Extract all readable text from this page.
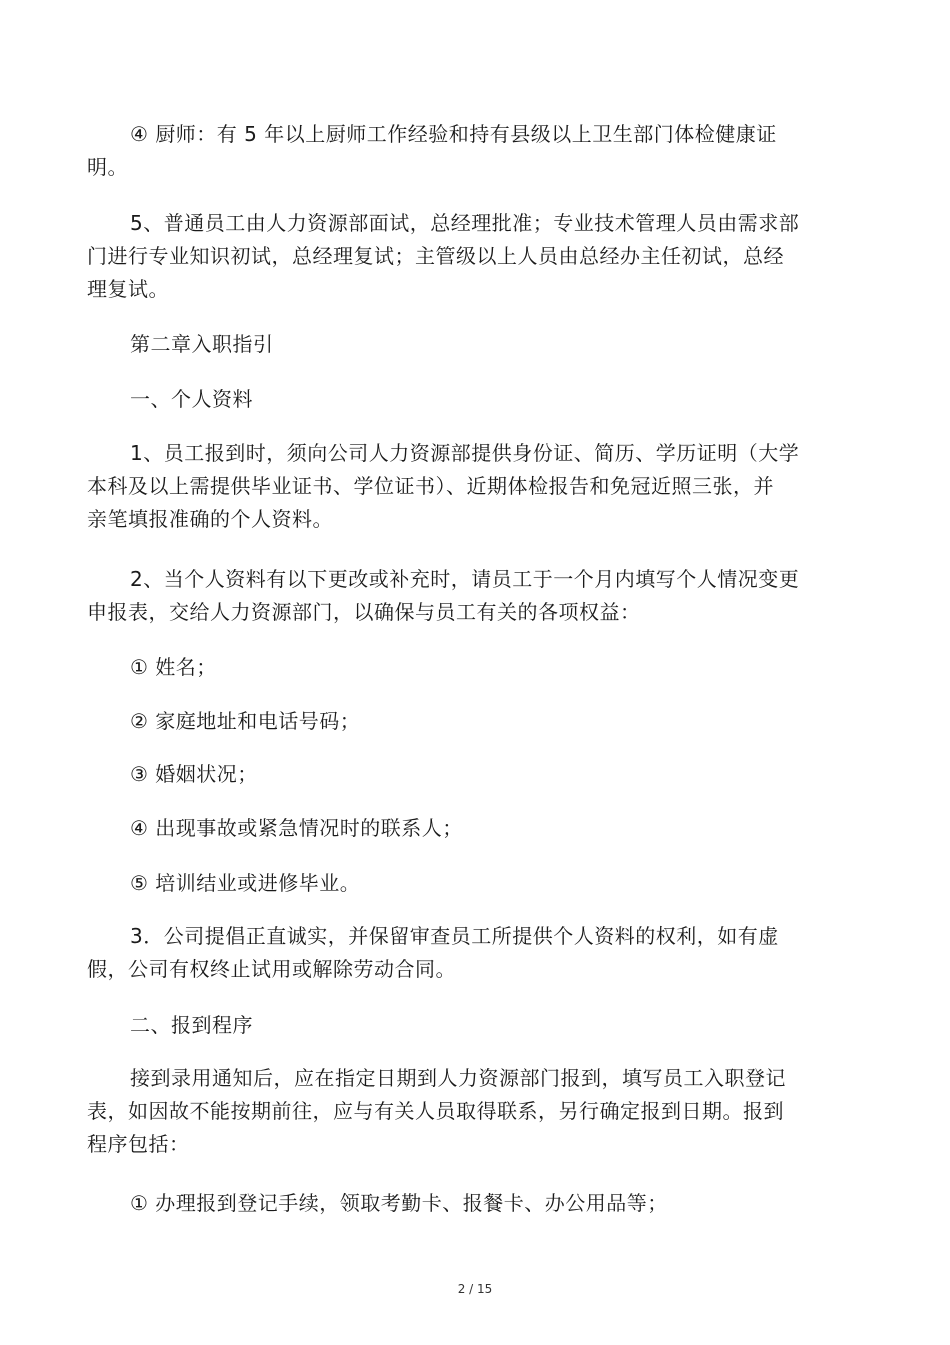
④ 厨师：有 5 年以上厨师工作经验和持有县级以上卫生部门体检健康证
明。

5、普通员工由人力资源部面试，总经理批准；专业技术管理人员由需求部
门进行专业知识初试，总经理复试；主管级以上人员由总经办主任初试，总经
理复试。

第二章入职指引

一、个人资料

1、员工报到时，须向公司人力资源部提供身份证、简历、学历证明（大学
本科及以上需提供毕业证书、学位证书）、近期体检报告和免冠近照三张，并
亲笔填报准确的个人资料。

2、当个人资料有以下更改或补充时，请员工于一个月内填写个人情况变更
申报表，交给人力资源部门，以确保与员工有关的各项权益：

① 姓名；

② 家庭地址和电话号码；

③ 婚姻状况；

④ 出现事故或紧急情况时的联系人；

⑤ 培训结业或进修毕业。

3．公司提倡正直诚实，并保留审查员工所提供个人资料的权利，如有虚
假，公司有权终止试用或解除劳动合同。

二、报到程序

接到录用通知后，应在指定日期到人力资源部门报到，填写员工入职登记
表，如因故不能按期前往，应与有关人员取得联系，另行确定报到日期。报到
程序包括：

① 办理报到登记手续，领取考勤卡、报餐卡、办公用品等；

2 / 15
